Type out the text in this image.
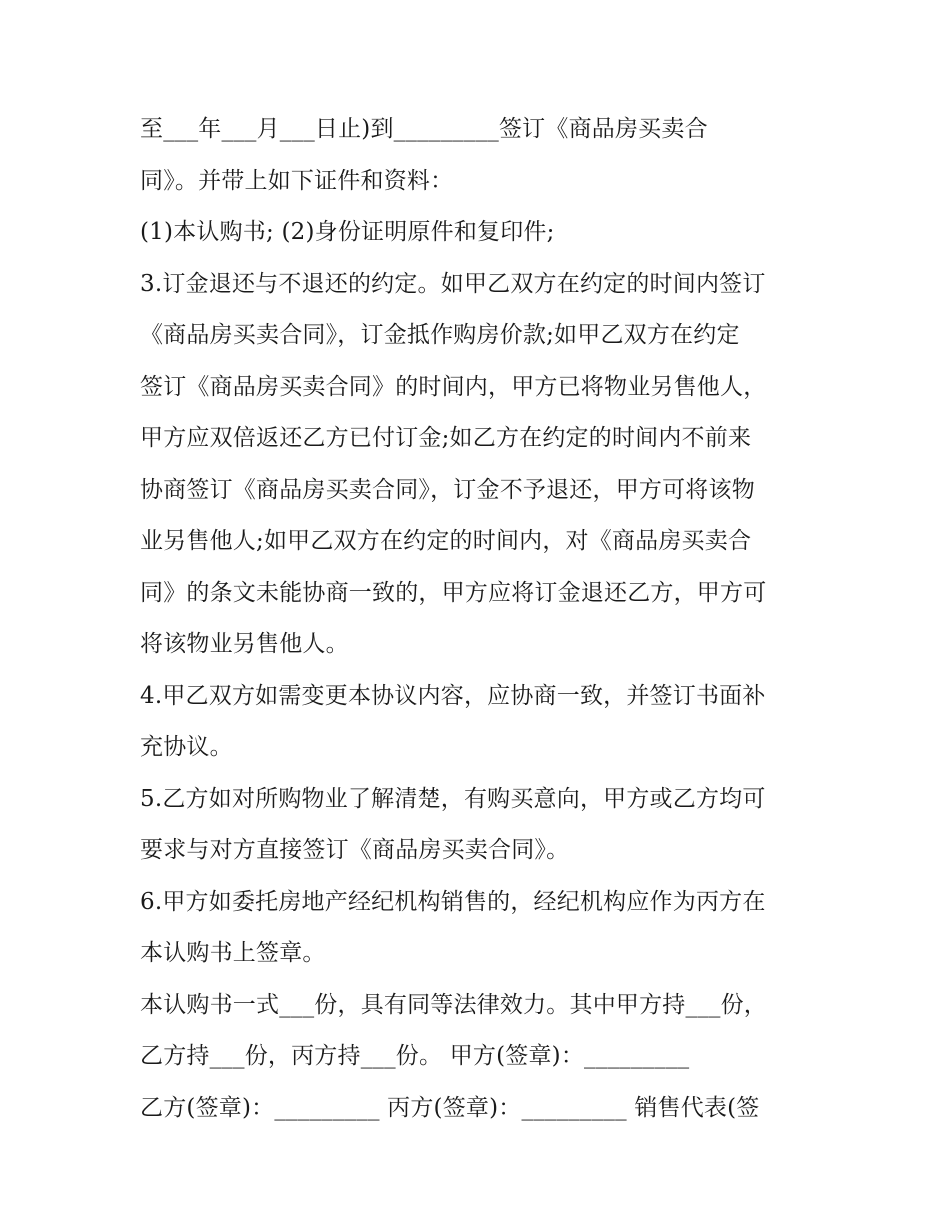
至___年___月___日止)到_________签订《商品房买卖合
同》。并带上如下证件和资料：
(1)本认购书; (2)身份证明原件和复印件;
3.订金退还与不退还的约定。如甲乙双方在约定的时间内签订
《商品房买卖合同》，订金抵作购房价款;如甲乙双方在约定
签订《商品房买卖合同》的时间内，甲方已将物业另售他人，
甲方应双倍返还乙方已付订金;如乙方在约定的时间内不前来
协商签订《商品房买卖合同》，订金不予退还，甲方可将该物
业另售他人;如甲乙双方在约定的时间内，对《商品房买卖合
同》的条文未能协商一致的，甲方应将订金退还乙方，甲方可
将该物业另售他人。
4.甲乙双方如需变更本协议内容，应协商一致，并签订书面补
充协议。
5.乙方如对所购物业了解清楚，有购买意向，甲方或乙方均可
要求与对方直接签订《商品房买卖合同》。
6.甲方如委托房地产经纪机构销售的，经纪机构应作为丙方在
本认购书上签章。
本认购书一式___份，具有同等法律效力。其中甲方持___份，
乙方持___份，丙方持___份。 甲方(签章)：_________
乙方(签章)：_________ 丙方(签章)：_________ 销售代表(签
